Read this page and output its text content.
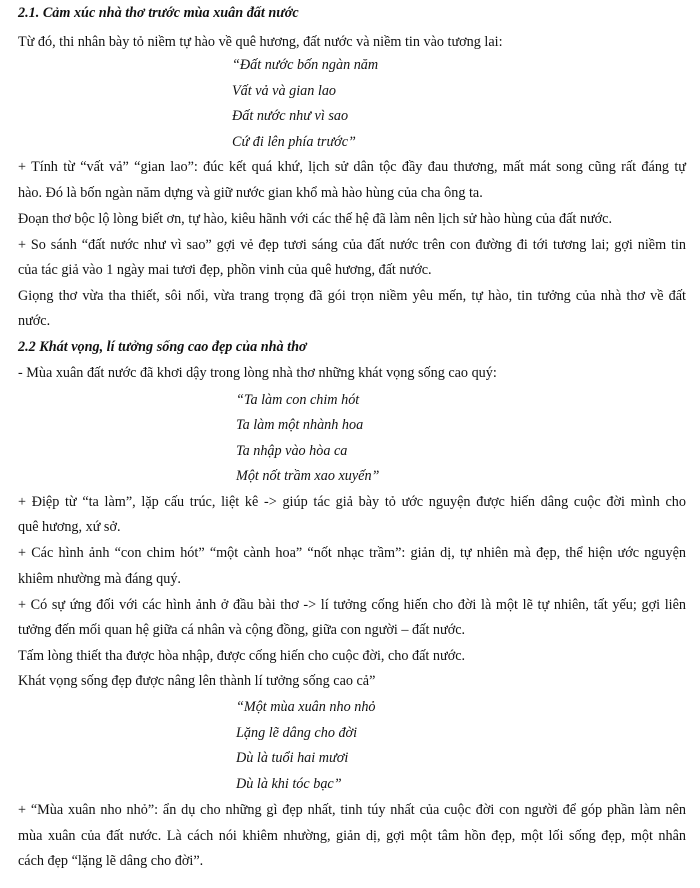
2.1. Cảm xúc nhà thơ trước mùa xuân đất nước
Từ đó, thi nhân bày tỏ niềm tự hào về quê hương, đất nước và niềm tin vào tương lai:
“Đất nước bốn ngàn năm
Vất vả và gian lao
Đất nước như vì sao
Cứ đi lên phía trước”
+ Tính từ “vất vả” “gian lao”: đúc kết quá khứ, lịch sử dân tộc đầy đau thương, mất mát song cũng rất đáng tự
hào. Đó là bốn ngàn năm dựng và giữ nước gian khổ mà hào hùng của cha ông ta.
Đoạn thơ bộc lộ lòng biết ơn, tự hào, kiêu hãnh với các thế hệ đã làm nên lịch sử hào hùng của đất nước.
+ So sánh “đất nước như vì sao” gợi vẻ đẹp tươi sáng của đất nước trên con đường đi tới tương lai; gợi niềm tin
của tác giả vào 1 ngày mai tươi đẹp, phồn vinh của quê hương, đất nước.
Giọng thơ vừa tha thiết, sôi nổi, vừa trang trọng đã gói trọn niềm yêu mến, tự hào, tin tưởng của nhà thơ về đất
nước.
2.2 Khát vọng, lí tưởng sống cao đẹp của nhà thơ
- Mùa xuân đất nước đã khơi dậy trong lòng nhà thơ những khát vọng sống cao quý:
“Ta làm con chim hót
Ta làm một nhành hoa
Ta nhập vào hòa ca
Một nốt trầm xao xuyến”
+ Điệp từ “ta làm”, lặp cấu trúc, liệt kê -> giúp tác giả bày tỏ ước nguyện được hiến dâng cuộc đời mình cho
quê hương, xứ sở.
+ Các hình ảnh “con chim hót” “một cành hoa” “nốt nhạc trầm”: giản dị, tự nhiên mà đẹp, thể hiện ước nguyện
khiêm nhường mà đáng quý.
+ Có sự ứng đối với các hình ảnh ở đầu bài thơ -> lí tưởng cống hiến cho đời là một lẽ tự nhiên, tất yếu; gợi liên
tưởng đến mối quan hệ giữa cá nhân và cộng đồng, giữa con người – đất nước.
Tấm lòng thiết tha được hòa nhập, được cống hiến cho cuộc đời, cho đất nước.
Khát vọng sống đẹp được nâng lên thành lí tưởng sống cao cả”
“Một mùa xuân nho nhỏ
Lặng lẽ dâng cho đời
Dù là tuổi hai mươi
Dù là khi tóc bạc”
+ “Mùa xuân nho nhỏ”: ẩn dụ cho những gì đẹp nhất, tinh túy nhất của cuộc đời con người để góp phần làm nên
mùa xuân của đất nước. Là cách nói khiêm nhường, giản dị, gợi một tâm hồn đẹp, một lối sống đẹp, một nhân
cách đẹp “lặng lẽ dâng cho đời”.
